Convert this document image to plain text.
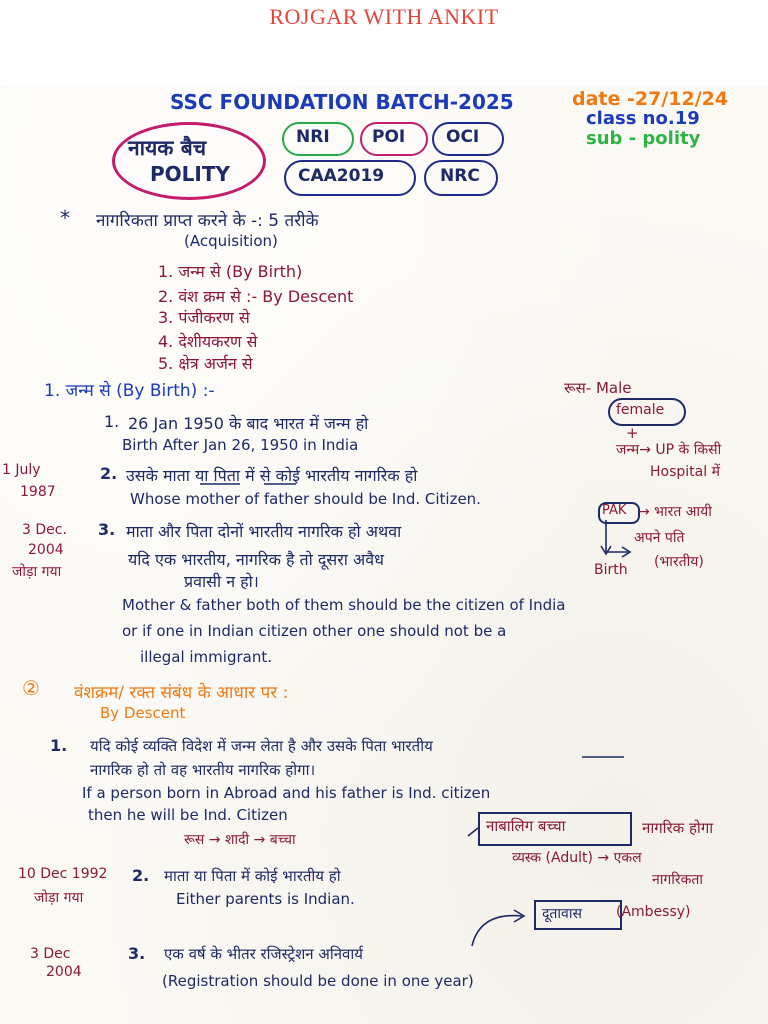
ROJGAR WITH ANKIT
SSC FOUNDATION BATCH-2025	date -27/12/24
class no.19
sub - polity
नायक बैच
POLITY
NRI POI OCI
CAA2019	NRC
* नागरिकता प्राप्त करने के -: 5 तरीके
(Acquisition)
1. जन्म से (By Birth)
2. वंश क्रम से :- By Descent
3. पंजीकरण से
4. देशीयकरण से
5. क्षेत्र अर्जन से
1. जन्म से (By Birth) :-	रूस- Male
female
+
जन्म→ UP के किसी
Hospital में
1. 26 Jan 1950 के बाद भारत में जन्म हो
Birth After Jan 26, 1950 in India
1 July
1987
2. उसके माता या पिता में से कोई भारतीय नागरिक हो
Whose mother of father should be Ind. Citizen.
3 Dec.
2004
जोड़ा गया
3. माता और पिता दोनों भारतीय नागरिक हो अथवा
यदि एक भारतीय, नागरिक है तो दूसरा अवैध
प्रवासी न हो।
PAK → भारत आयी
अपने पति
(भारतीय)
Birth
Mother & father both of them should be the citizen of India
or if one in Indian citizen other one should not be a
illegal immigrant.
② वंशक्रम/ रक्त संबंध के आधार पर :
By Descent
1. यदि कोई व्यक्ति विदेश में जन्म लेता है और उसके पिता भारतीय
नागरिक हो तो वह भारतीय नागरिक होगा।
If a person born in Abroad and his father is Ind. citizen
then he will be Ind. Citizen
रूस → शादी → बच्चा
नाबालिग बच्चा	नागरिक होगा
व्यस्क (Adult) → एकल
नागरिकता
10 Dec 1992
जोड़ा गया
2. माता या पिता में कोई भारतीय हो
Either parents is Indian.
दूतावास (Ambessy)
3 Dec
2004
3. एक वर्ष के भीतर रजिस्ट्रेशन अनिवार्य
(Registration should be done in one year)
